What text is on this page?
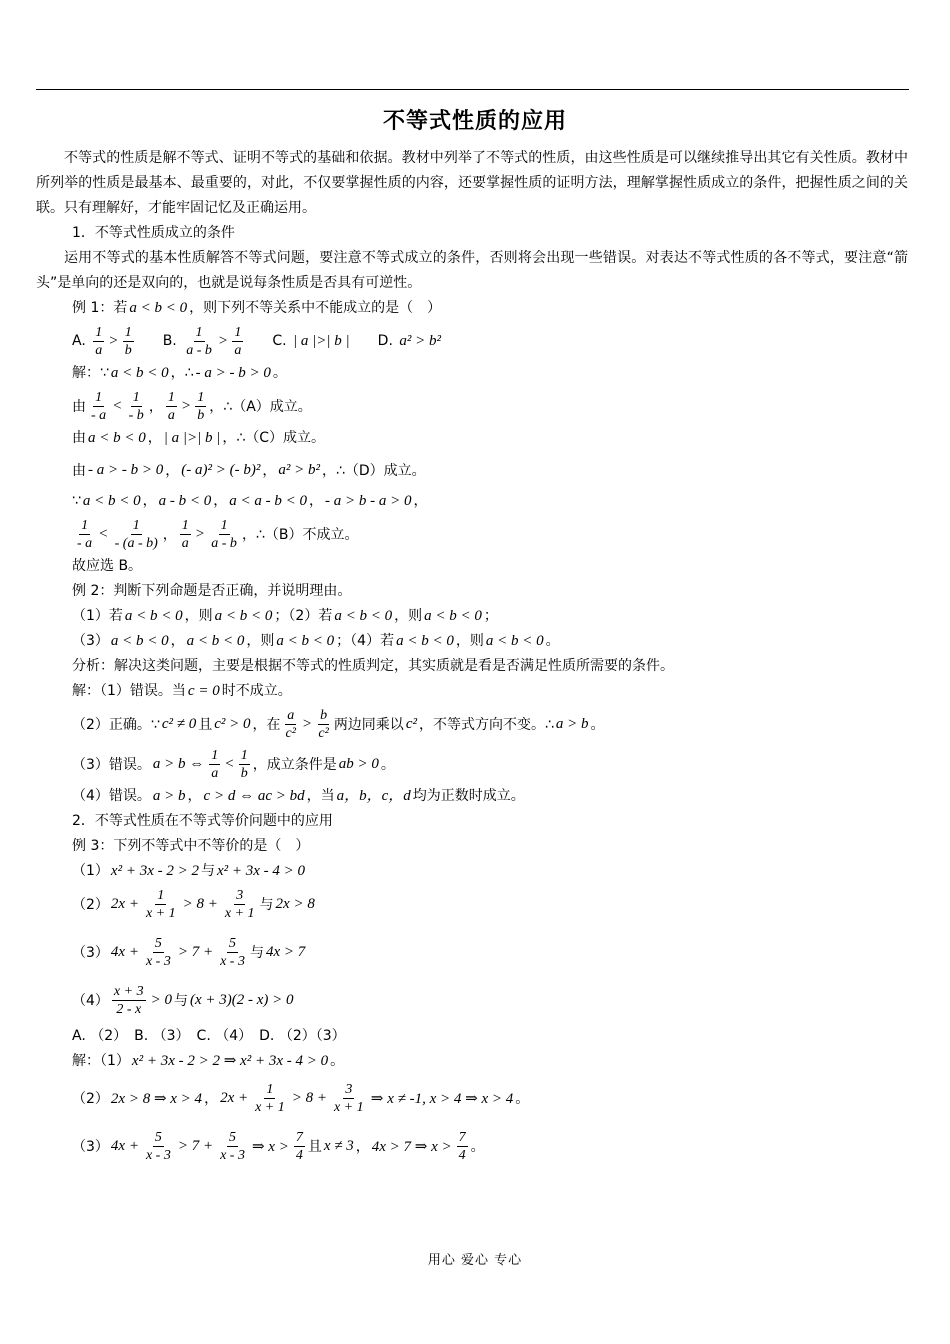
不等式性质的应用
不等式的性质是解不等式、证明不等式的基础和依据。教材中列举了不等式的性质，由这些性质是可以继续推导出其它有关性质。教材中所列举的性质是最基本、最重要的，对此，不仅要掌握性质的内容，还要掌握性质的证明方法，理解掌握性质成立的条件，把握性质之间的关联。只有理解好，才能牢固记忆及正确运用。
1．不等式性质成立的条件
运用不等式的基本性质解答不等式问题，要注意不等式成立的条件，否则将会出现一些错误。对表达不等式性质的各不等式，要注意“箭头”是单向的还是双向的，也就是说每条性质是否具有可逆性。
例 1：若 a < b < 0 ，则下列不等关系中不能成立的是（　）
A.
$\frac{1}{a} > \frac{1}{b} B$.
$\frac{1}{a - b} > \frac{1}{a} C$.
| a |>| b | D.
a² > b²
解：∵ a < b < 0 ，∴ - a > - b > 0 。
由 $\frac{1}{- a} < \frac{1}{- b}$ ， $\frac{1}{a} > \frac{1}{b}$ ，∴（A）成立。
由 a < b < 0 ， | a |>| b | ，∴（C）成立。
由 - a > - b > 0 ， (- a)² > (- b)² ， a² > b² ，∴（D）成立。
∵ a < b < 0 ， a - b < 0 ， a < a - b < 0 ， - a > b - a > 0 ，
$\frac{1}{- a} < \frac{1}{- (a - b)}$ ， $\frac{1}{a} > \frac{1}{a - b}$ ，∴（B）不成立。
故应选 B。
例 2：判断下列命题是否正确，并说明理由。
（1）若 a < b < 0 ，则 a < b < 0 ；（2）若 a < b < 0 ，则 a < b < 0 ；
（3） a < b < 0 ， a < b < 0 ，则 a < b < 0 ；（4）若 a < b < 0 ，则 a < b < 0 。
分析：解决这类问题，主要是根据不等式的性质判定，其实质就是看是否满足性质所需要的条件。
解：（1）错误。当 c = 0 时不成立。
（2）正确。∵ c² ≠ 0 且 c² > 0 ，在 $\frac{a}{\text{c²}} > \frac{b}{\text{c²}}$ 两边同乘以 c² ，不等式方向不变。∴ a > b 。
（3）错误。 a > b ⇔ $\frac{1}{a} < \frac{1}{b}$ ，成立条件是 ab > 0 。
（4）错误。 a > b ， c > d ⇔ ac > bd ，当 a，b，c，d 均为正数时成立。
2．不等式性质在不等式等价问题中的应用
例 3：下列不等式中不等价的是（　）
（1） x² + 3x - 2 > 2 与 x² + 3x - 4 > 0
（2） $2x + \frac{1}{x + 1} > 8 + \frac{3}{x + 1}$ 与 2x > 8
（3） $4x + \frac{5}{x - 3} > 7 + \frac{5}{x - 3}$ 与 4x > 7
$(4) \frac{x + 3}{2 - x} > 0$ 与 (x + 3)(2 - x) > 0
A. （2）　B. （3）　C. （4）　D. （2）（3）
解：（1） x² + 3x - 2 > 2 ⇒ x² + 3x - 4 > 0 。
（2） 2x > 8 ⇒ x > 4 ， $2x + \frac{1}{x + 1} > 8 + \frac{3}{x + 1}$ ⇒ x ≠ -1, x > 4 ⇒ x > 4 。
（3） $4x + \frac{5}{x - 3} > 7 + \frac{5}{x - 3}$ ⇒ $x > \frac{7}{4}$ 且 x ≠ 3 ， 4x > 7 ⇒ $x > \frac{7}{4}$ 。
用心 爱心 专心
